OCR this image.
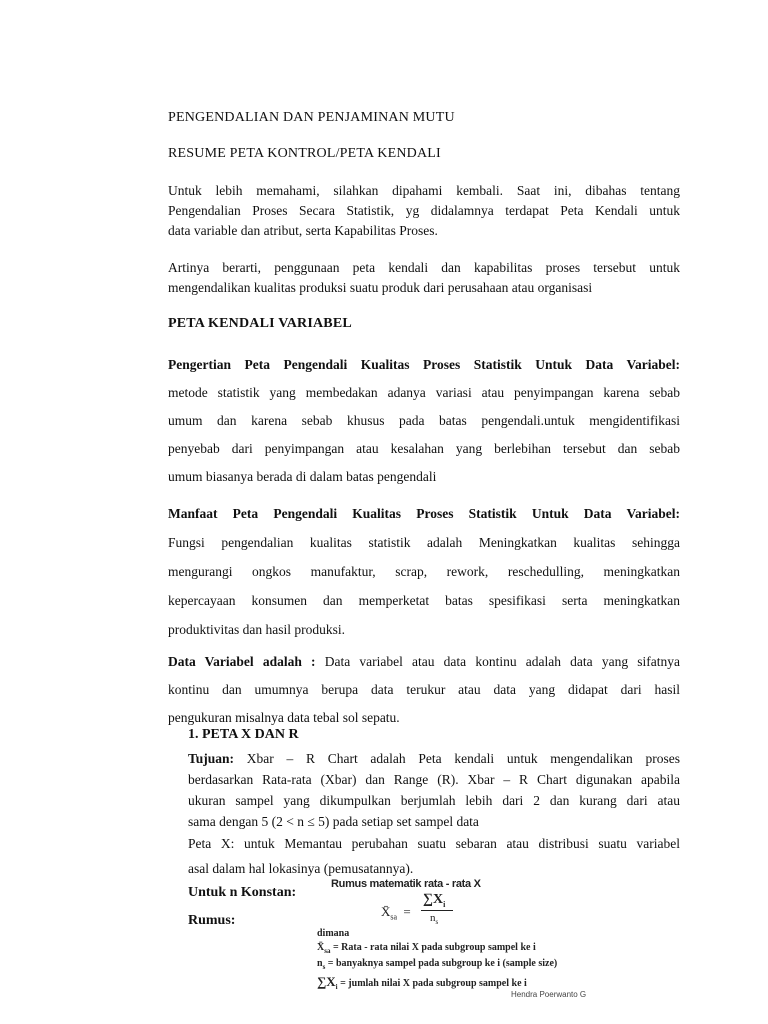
PENGENDALIAN DAN PENJAMINAN MUTU
RESUME PETA KONTROL/PETA KENDALI
Untuk lebih memahami, silahkan dipahami kembali. Saat ini, dibahas tentang
Pengendalian Proses Secara Statistik, yg didalamnya terdapat Peta Kendali untuk
data variable dan atribut, serta Kapabilitas Proses.
Artinya berarti, penggunaan peta kendali dan kapabilitas proses tersebut untuk
mengendalikan kualitas produksi suatu produk dari perusahaan atau organisasi
PETA KENDALI VARIABEL
Pengertian Peta Pengendali Kualitas Proses Statistik Untuk Data Variabel:
metode statistik yang membedakan adanya variasi atau penyimpangan karena sebab
umum dan karena sebab khusus pada batas pengendali.untuk mengidentifikasi
penyebab dari penyimpangan atau kesalahan yang berlebihan tersebut dan sebab
umum biasanya berada di dalam batas pengendali
Manfaat Peta Pengendali Kualitas Proses Statistik Untuk Data Variabel:
Fungsi pengendalian kualitas statistik adalah Meningkatkan kualitas sehingga
mengurangi ongkos manufaktur, scrap, rework, reschedulling, meningkatkan
kepercayaan konsumen dan memperketat batas spesifikasi serta meningkatkan
produktivitas dan hasil produksi.
Data Variabel adalah : Data variabel atau data kontinu adalah data yang sifatnya
kontinu dan umumnya berupa data terukur atau data yang didapat dari hasil
pengukuran misalnya data tebal sol sepatu.
1. PETA X DAN R
Tujuan: Xbar – R Chart adalah Peta kendali untuk mengendalikan proses
berdasarkan Rata-rata (Xbar) dan Range (R). Xbar – R Chart digunakan apabila
ukuran sampel yang dikumpulkan berjumlah lebih dari 2 dan kurang dari atau
sama dengan 5 (2 < n ≤ 5) pada setiap set sampel data
Peta X: untuk Memantau perubahan suatu sebaran atau distribusi suatu variabel
asal dalam hal lokasinya (pemusatannya).
Untuk n Konstan:
Rumus:
Rumus matematik rata - rata X
$X̄_{sa}$ =
$\sum X_i$
$n_s$
dimana
$X̄_{sa}$ = Rata - rata nilai X pada subgroup sampel ke i
$n_s$ = banyaknya sampel pada subgroup ke i (sample size)
$\sum X_i$ = jumlah nilai X pada subgroup sampel ke i
Hendra Poerwanto G
